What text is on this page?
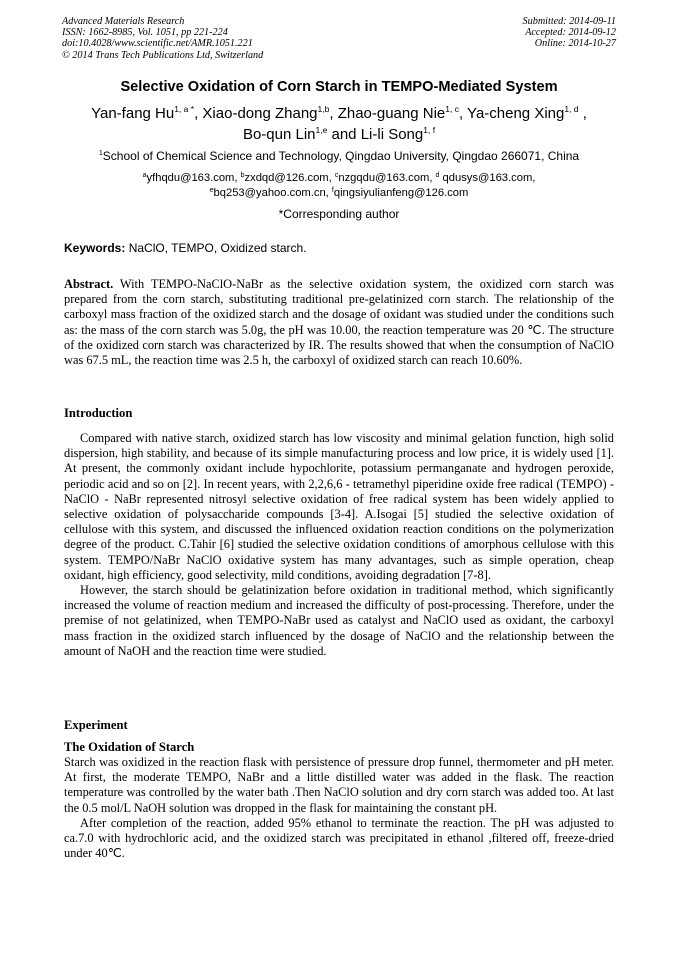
Advanced Materials Research
ISSN: 1662-8985, Vol. 1051, pp 221-224
doi:10.4028/www.scientific.net/AMR.1051.221
© 2014 Trans Tech Publications Ltd, Switzerland
Submitted: 2014-09-11
Accepted: 2014-09-12
Online: 2014-10-27
Selective Oxidation of Corn Starch in TEMPO-Mediated System
Yan-fang $Hu^{1, a *}$, Xiao-dong Zhang$^{1,b}$, Zhao-guang Nie$^{1, c}$, Ya-cheng Xing$^{1, d}$ ,
Bo-qun Lin$^{1,e}$ and Li-li Song$^{1, f}$
$^1$School of Chemical Science and Technology, Qingdao University, Qingdao 266071, China
$^a$yfhqdu@163.com, $^b$zxdqd@126.com, $^c$nzgqdu@163.com, $^d$ qdusys@163.com,
$^e$bq253@yahoo.com.cn, $^f$qingsiyulianfeng@126.com
*Corresponding author
Keywords: NaClO, TEMPO, Oxidized starch.
Abstract. With TEMPO-NaClO-NaBr as the selective oxidation system, the oxidized corn starch was prepared from the corn starch, substituting traditional pre-gelatinized corn starch. The relationship of the carboxyl mass fraction of the oxidized starch and the dosage of oxidant was studied under the conditions such as: the mass of the corn starch was 5.0g, the pH was 10.00, the reaction temperature was 20 ℃. The structure of the oxidized corn starch was characterized by IR. The results showed that when the consumption of NaClO was 67.5 mL, the reaction time was 2.5 h, the carboxyl of oxidized starch can reach 10.60%.
Introduction

Compared with native starch, oxidized starch has low viscosity and minimal gelation function, high solid dispersion, high stability, and because of its simple manufacturing process and low price, it is widely used [1]. At present, the commonly oxidant include hypochlorite, potassium permanganate and hydrogen peroxide, periodic acid and so on [2]. In recent years, with 2,2,6,6 - tetramethyl piperidine oxide free radical (TEMPO) - NaClO - NaBr represented nitrosyl selective oxidation of free radical system has been widely applied to selective oxidation of polysaccharide compounds [3-4]. A.Isogai [5] studied the selective oxidation of cellulose with this system, and discussed the influenced oxidation reaction conditions on the polymerization degree of the product. C.Tahir [6] studied the selective oxidation conditions of amorphous cellulose with this system. TEMPO/NaBr NaClO oxidative system has many advantages, such as simple operation, cheap oxidant, high efficiency, good selectivity, mild conditions, avoiding degradation [7-8].

However, the starch should be gelatinization before oxidation in traditional method, which significantly increased the volume of reaction medium and increased the difficulty of post-processing. Therefore, under the premise of not gelatinized, when TEMPO-NaBr used as catalyst and NaClO used as oxidant, the carboxyl mass fraction in the oxidized starch influenced by the dosage of NaClO and the relationship between the amount of NaOH and the reaction time were studied.

Experiment
The Oxidation of Starch

Starch was oxidized in the reaction flask with persistence of pressure drop funnel, thermometer and pH meter. At first, the moderate TEMPO, NaBr and a little distilled water was added in the flask. The reaction temperature was controlled by the water bath .Then NaClO solution and dry corn starch was added too. At last the 0.5 mol/L NaOH solution was dropped in the flask for maintaining the constant pH.

After completion of the reaction, added 95% ethanol to terminate the reaction. The pH was adjusted to ca.7.0 with hydrochloric acid, and the oxidized starch was precipitated in ethanol ,filtered off, freeze-dried under 40℃.
